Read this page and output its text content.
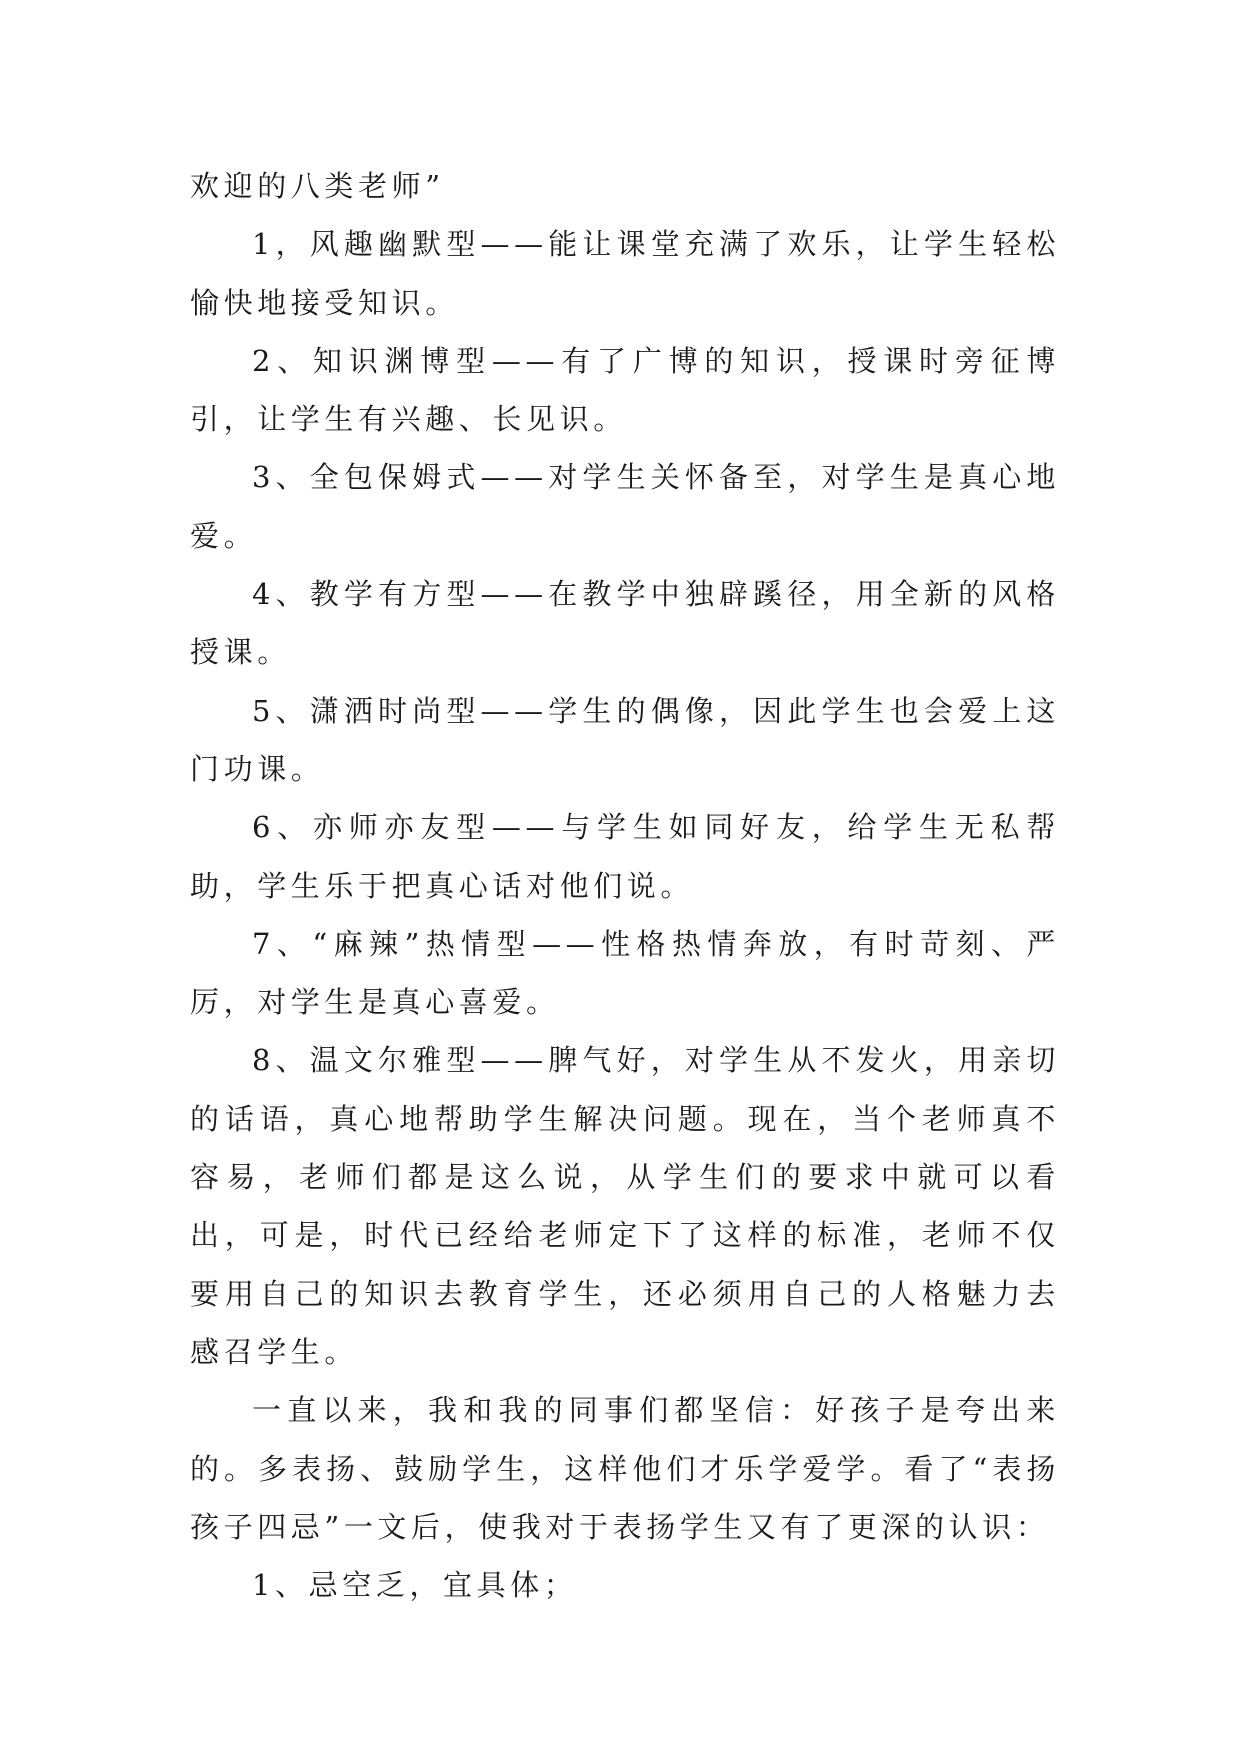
欢迎的八类老师”

1，风趣幽默型——能让课堂充满了欢乐，让学生轻松愉快地接受知识。

2、知识渊博型——有了广博的知识，授课时旁征博引，让学生有兴趣、长见识。

3、全包保姆式——对学生关怀备至，对学生是真心地爱。

4、教学有方型——在教学中独辟蹊径，用全新的风格授课。

5、潇洒时尚型——学生的偶像，因此学生也会爱上这门功课。

6、亦师亦友型——与学生如同好友，给学生无私帮助，学生乐于把真心话对他们说。

7、“麻辣”热情型——性格热情奔放，有时苛刻、严厉，对学生是真心喜爱。

8、温文尔雅型——脾气好，对学生从不发火，用亲切的话语，真心地帮助学生解决问题。现在，当个老师真不容易，老师们都是这么说，从学生们的要求中就可以看出，可是，时代已经给老师定下了这样的标准，老师不仅要用自己的知识去教育学生，还必须用自己的人格魅力去感召学生。

一直以来，我和我的同事们都坚信：好孩子是夸出来的。多表扬、鼓励学生，这样他们才乐学爱学。看了“表扬孩子四忌”一文后，使我对于表扬学生又有了更深的认识：

1、忌空乏，宜具体；
